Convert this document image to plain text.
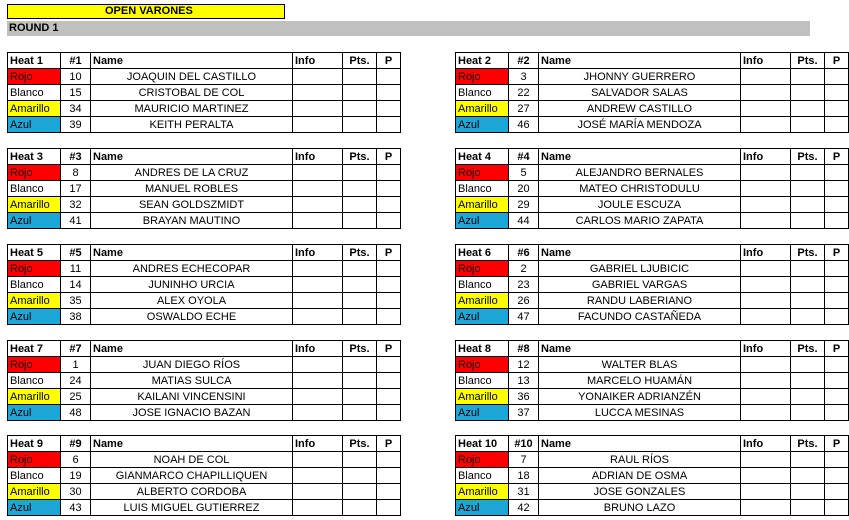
OPEN VARONES
ROUND 1
Heat 1	#1	Name	Info	Pts.	P
Rojo	10	JOAQUIN DEL CASTILLO			
Blanco	15	CRISTOBAL DE COL			
Amarillo	34	MAURICIO MARTINEZ			
Azul	39	KEITH PERALTA			
Heat 2	#2	Name	Info	Pts.	P
Rojo	3	JHONNY GUERRERO			
Blanco	22	SALVADOR SALAS			
Amarillo	27	ANDREW CASTILLO			
Azul	46	JOSÉ MARÍA MENDOZA			
Heat 3	#3	Name	Info	Pts.	P
Rojo	8	ANDRES DE LA CRUZ			
Blanco	17	MANUEL ROBLES			
Amarillo	32	SEAN GOLDSZMIDT			
Azul	41	BRAYAN MAUTINO			
Heat 4	#4	Name	Info	Pts.	P
Rojo	5	ALEJANDRO BERNALES			
Blanco	20	MATEO CHRISTODULU			
Amarillo	29	JOULE ESCUZA			
Azul	44	CARLOS MARIO ZAPATA			
Heat 5	#5	Name	Info	Pts.	P
Rojo	11	ANDRES ECHECOPAR			
Blanco	14	JUNINHO URCIA			
Amarillo	35	ALEX OYOLA			
Azul	38	OSWALDO ECHE			
Heat 6	#6	Name	Info	Pts.	P
Rojo	2	GABRIEL LJUBICIC			
Blanco	23	GABRIEL VARGAS			
Amarillo	26	RANDU LABERIANO			
Azul	47	FACUNDO CASTAÑEDA			
Heat 7	#7	Name	Info	Pts.	P
Rojo	1	JUAN DIEGO RÍOS			
Blanco	24	MATIAS SULCA			
Amarillo	25	KAILANI VINCENSINI			
Azul	48	JOSE IGNACIO BAZAN			
Heat 8	#8	Name	Info	Pts.	P
Rojo	12	WALTER BLAS			
Blanco	13	MARCELO HUAMÁN			
Amarillo	36	YONAIKER ADRIANZÉN			
Azul	37	LUCCA MESINAS			
Heat 9	#9	Name	Info	Pts.	P
Rojo	6	NOAH DE COL			
Blanco	19	GIANMARCO CHAPILLIQUEN			
Amarillo	30	ALBERTO CORDOBA			
Azul	43	LUIS MIGUEL GUTIERREZ			
Heat 10	#10	Name	Info	Pts.	P
Rojo	7	RAUL RÍOS			
Blanco	18	ADRIAN DE OSMA			
Amarillo	31	JOSE GONZALES			
Azul	42	BRUNO LAZO			
